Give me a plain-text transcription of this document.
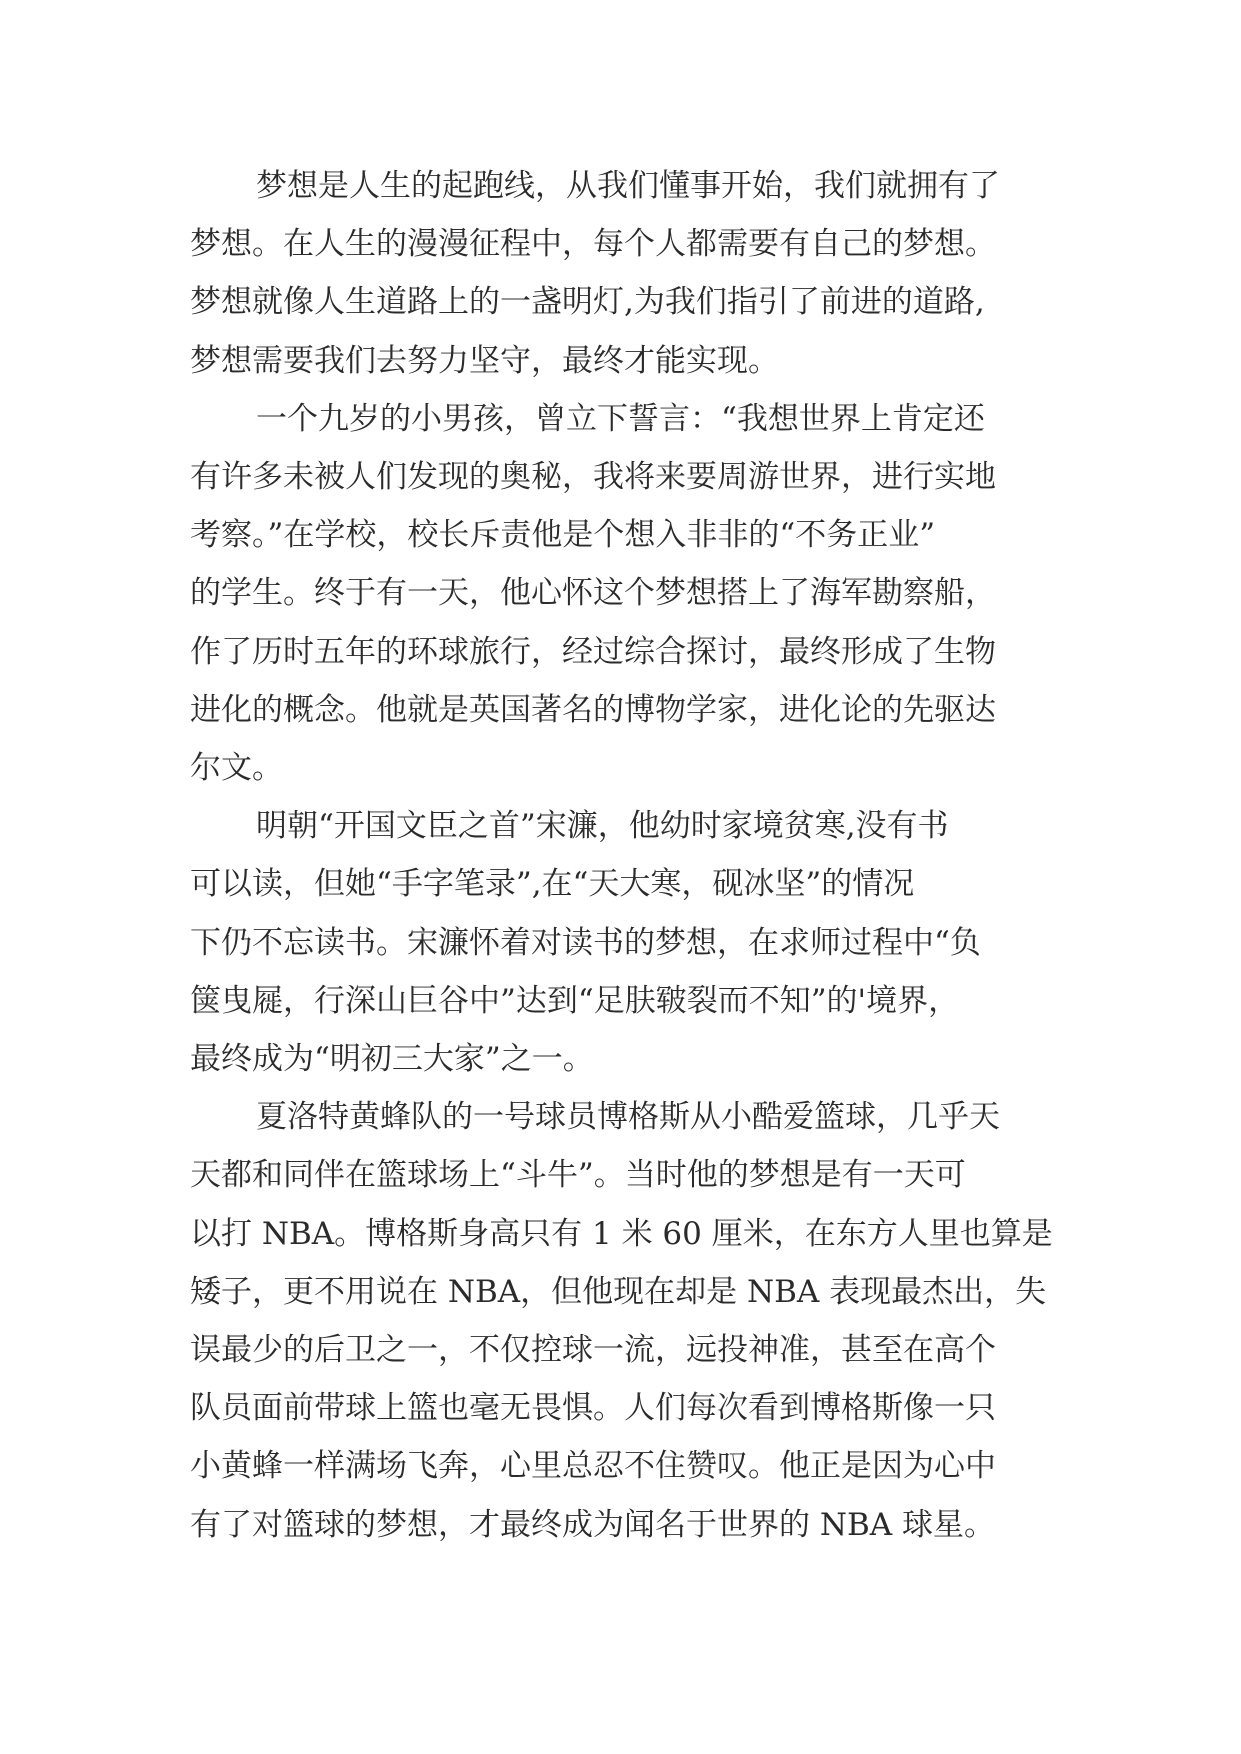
梦想是人生的起跑线，从我们懂事开始，我们就拥有了
梦想。在人生的漫漫征程中，每个人都需要有自己的梦想。
梦想就像人生道路上的一盏明灯,为我们指引了前进的道路,
梦想需要我们去努力坚守，最终才能实现。
一个九岁的小男孩，曾立下誓言：“我想世界上肯定还
有许多未被人们发现的奥秘，我将来要周游世界，进行实地
考察。”在学校，校长斥责他是个想入非非的“不务正业”
的学生。终于有一天，他心怀这个梦想搭上了海军勘察船，
作了历时五年的环球旅行，经过综合探讨，最终形成了生物
进化的概念。他就是英国著名的博物学家，进化论的先驱达
尔文。
明朝“开国文臣之首”宋濂，他幼时家境贫寒,没有书
可以读，但她“手字笔录”,在“天大寒，砚冰坚”的情况
下仍不忘读书。宋濂怀着对读书的梦想，在求师过程中“负
箧曳屣，行深山巨谷中”达到“足肤皲裂而不知”的'境界，
最终成为“明初三大家”之一。
夏洛特黄蜂队的一号球员博格斯从小酷爱篮球，几乎天
天都和同伴在篮球场上“斗牛”。当时他的梦想是有一天可
以打 NBA。博格斯身高只有 1 米 60 厘米，在东方人里也算是
矮子，更不用说在 NBA，但他现在却是 NBA 表现最杰出，失
误最少的后卫之一，不仅控球一流，远投神准，甚至在高个
队员面前带球上篮也毫无畏惧。人们每次看到博格斯像一只
小黄蜂一样满场飞奔，心里总忍不住赞叹。他正是因为心中
有了对篮球的梦想，才最终成为闻名于世界的 NBA 球星。
